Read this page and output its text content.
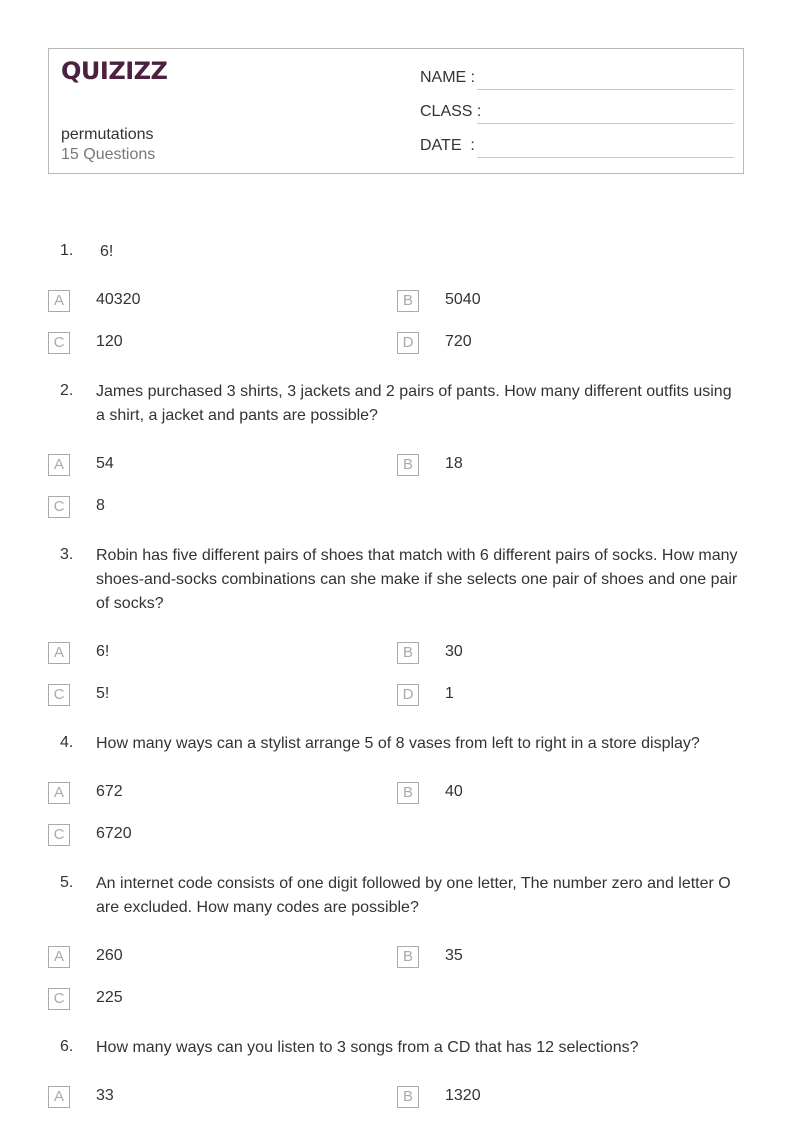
QUIZIZZ
permutations
15 Questions
NAME :
CLASS :
DATE  :
1. 6!
A	40320	B	5040
C	120	D	720
2. James purchased 3 shirts, 3 jackets and 2 pairs of pants. How many different outfits using a shirt, a jacket and pants are possible?
A	54	B	18
C	8
3. Robin has five different pairs of shoes that match with 6 different pairs of socks. How many shoes-and-socks combinations can she make if she selects one pair of shoes and one pair of socks?
A	6!	B	30
C	5!	D	1
4. How many ways can a stylist arrange 5 of 8 vases from left to right in a store display?
A	672	B	40
C	6720
5. An internet code consists of one digit followed by one letter, The number zero and letter O are excluded. How many codes are possible?
A	260	B	35
C	225
6. How many ways can you listen to 3 songs from a CD that has 12 selections?
A	33	B	1320
